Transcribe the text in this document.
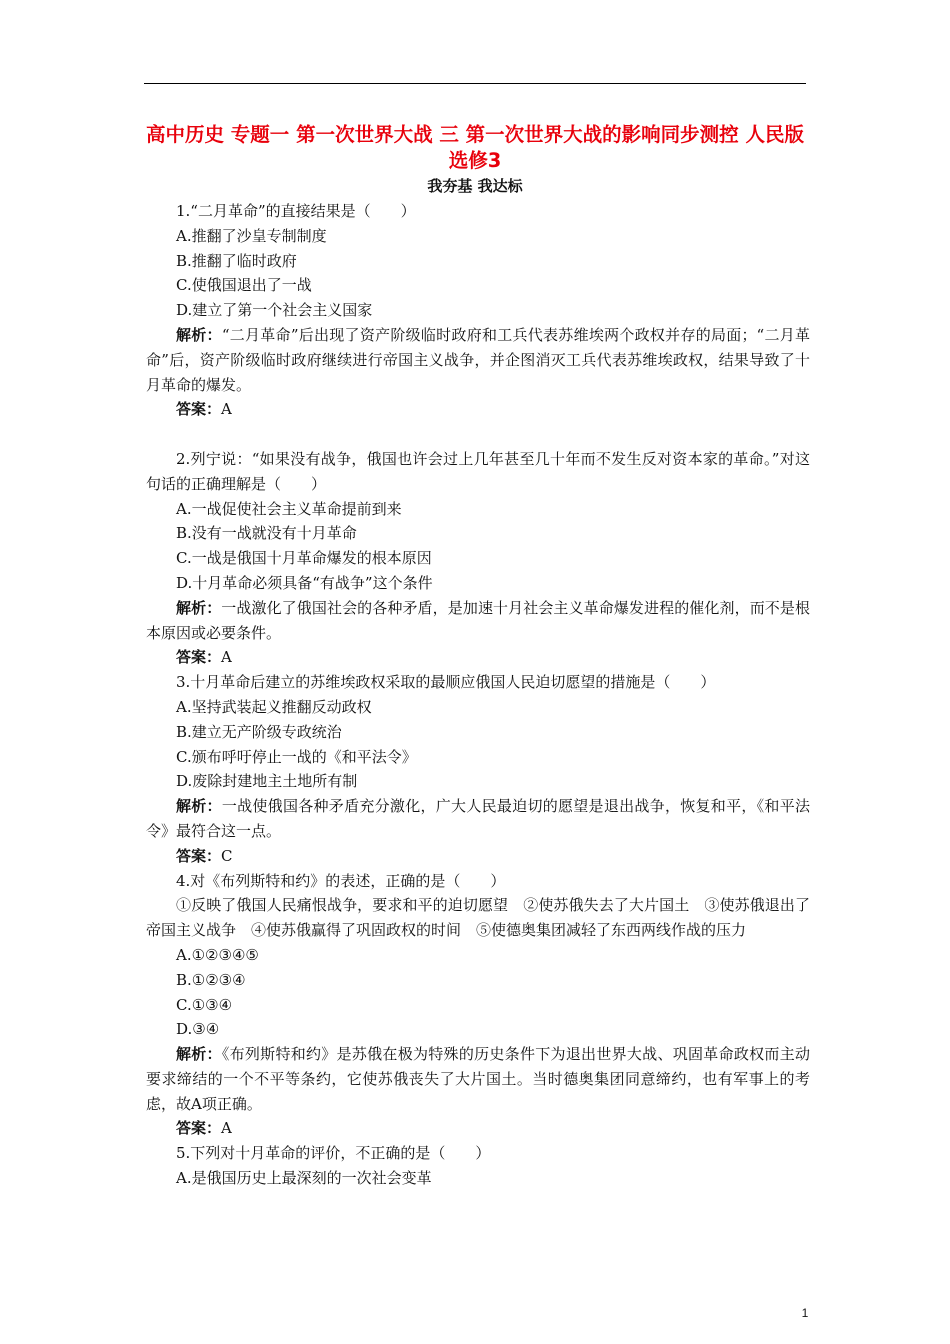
高中历史 专题一 第一次世界大战 三 第一次世界大战的影响同步测控 人民版选修3
我夯基 我达标
1.“二月革命”的直接结果是（　　）
A.推翻了沙皇专制制度
B.推翻了临时政府
C.使俄国退出了一战
D.建立了第一个社会主义国家
解析：“二月革命”后出现了资产阶级临时政府和工兵代表苏维埃两个政权并存的局面；“二月革命”后，资产阶级临时政府继续进行帝国主义战争，并企图消灭工兵代表苏维埃政权，结果导致了十月革命的爆发。
答案：A
2.列宁说：“如果没有战争，俄国也许会过上几年甚至几十年而不发生反对资本家的革命。”对这句话的正确理解是（　　）
A.一战促使社会主义革命提前到来
B.没有一战就没有十月革命
C.一战是俄国十月革命爆发的根本原因
D.十月革命必须具备“有战争”这个条件
解析：一战激化了俄国社会的各种矛盾，是加速十月社会主义革命爆发进程的催化剂，而不是根本原因或必要条件。
答案：A
3.十月革命后建立的苏维埃政权采取的最顺应俄国人民迫切愿望的措施是（　　）
A.坚持武装起义推翻反动政权
B.建立无产阶级专政统治
C.颁布呼吁停止一战的《和平法令》
D.废除封建地主土地所有制
解析：一战使俄国各种矛盾充分激化，广大人民最迫切的愿望是退出战争，恢复和平，《和平法令》最符合这一点。
答案：C
4.对《布列斯特和约》的表述，正确的是（　　）
①反映了俄国人民痛恨战争，要求和平的迫切愿望　②使苏俄失去了大片国土　③使苏俄退出了帝国主义战争　④使苏俄赢得了巩固政权的时间　⑤使德奥集团减轻了东西两线作战的压力
A.①②③④⑤
B.①②③④
C.①③④
D.③④
解析：《布列斯特和约》是苏俄在极为特殊的历史条件下为退出世界大战、巩固革命政权而主动要求缔结的一个不平等条约，它使苏俄丧失了大片国土。当时德奥集团同意缔约，也有军事上的考虑，故A项正确。
答案：A
5.下列对十月革命的评价，不正确的是（　　）
A.是俄国历史上最深刻的一次社会变革
1
